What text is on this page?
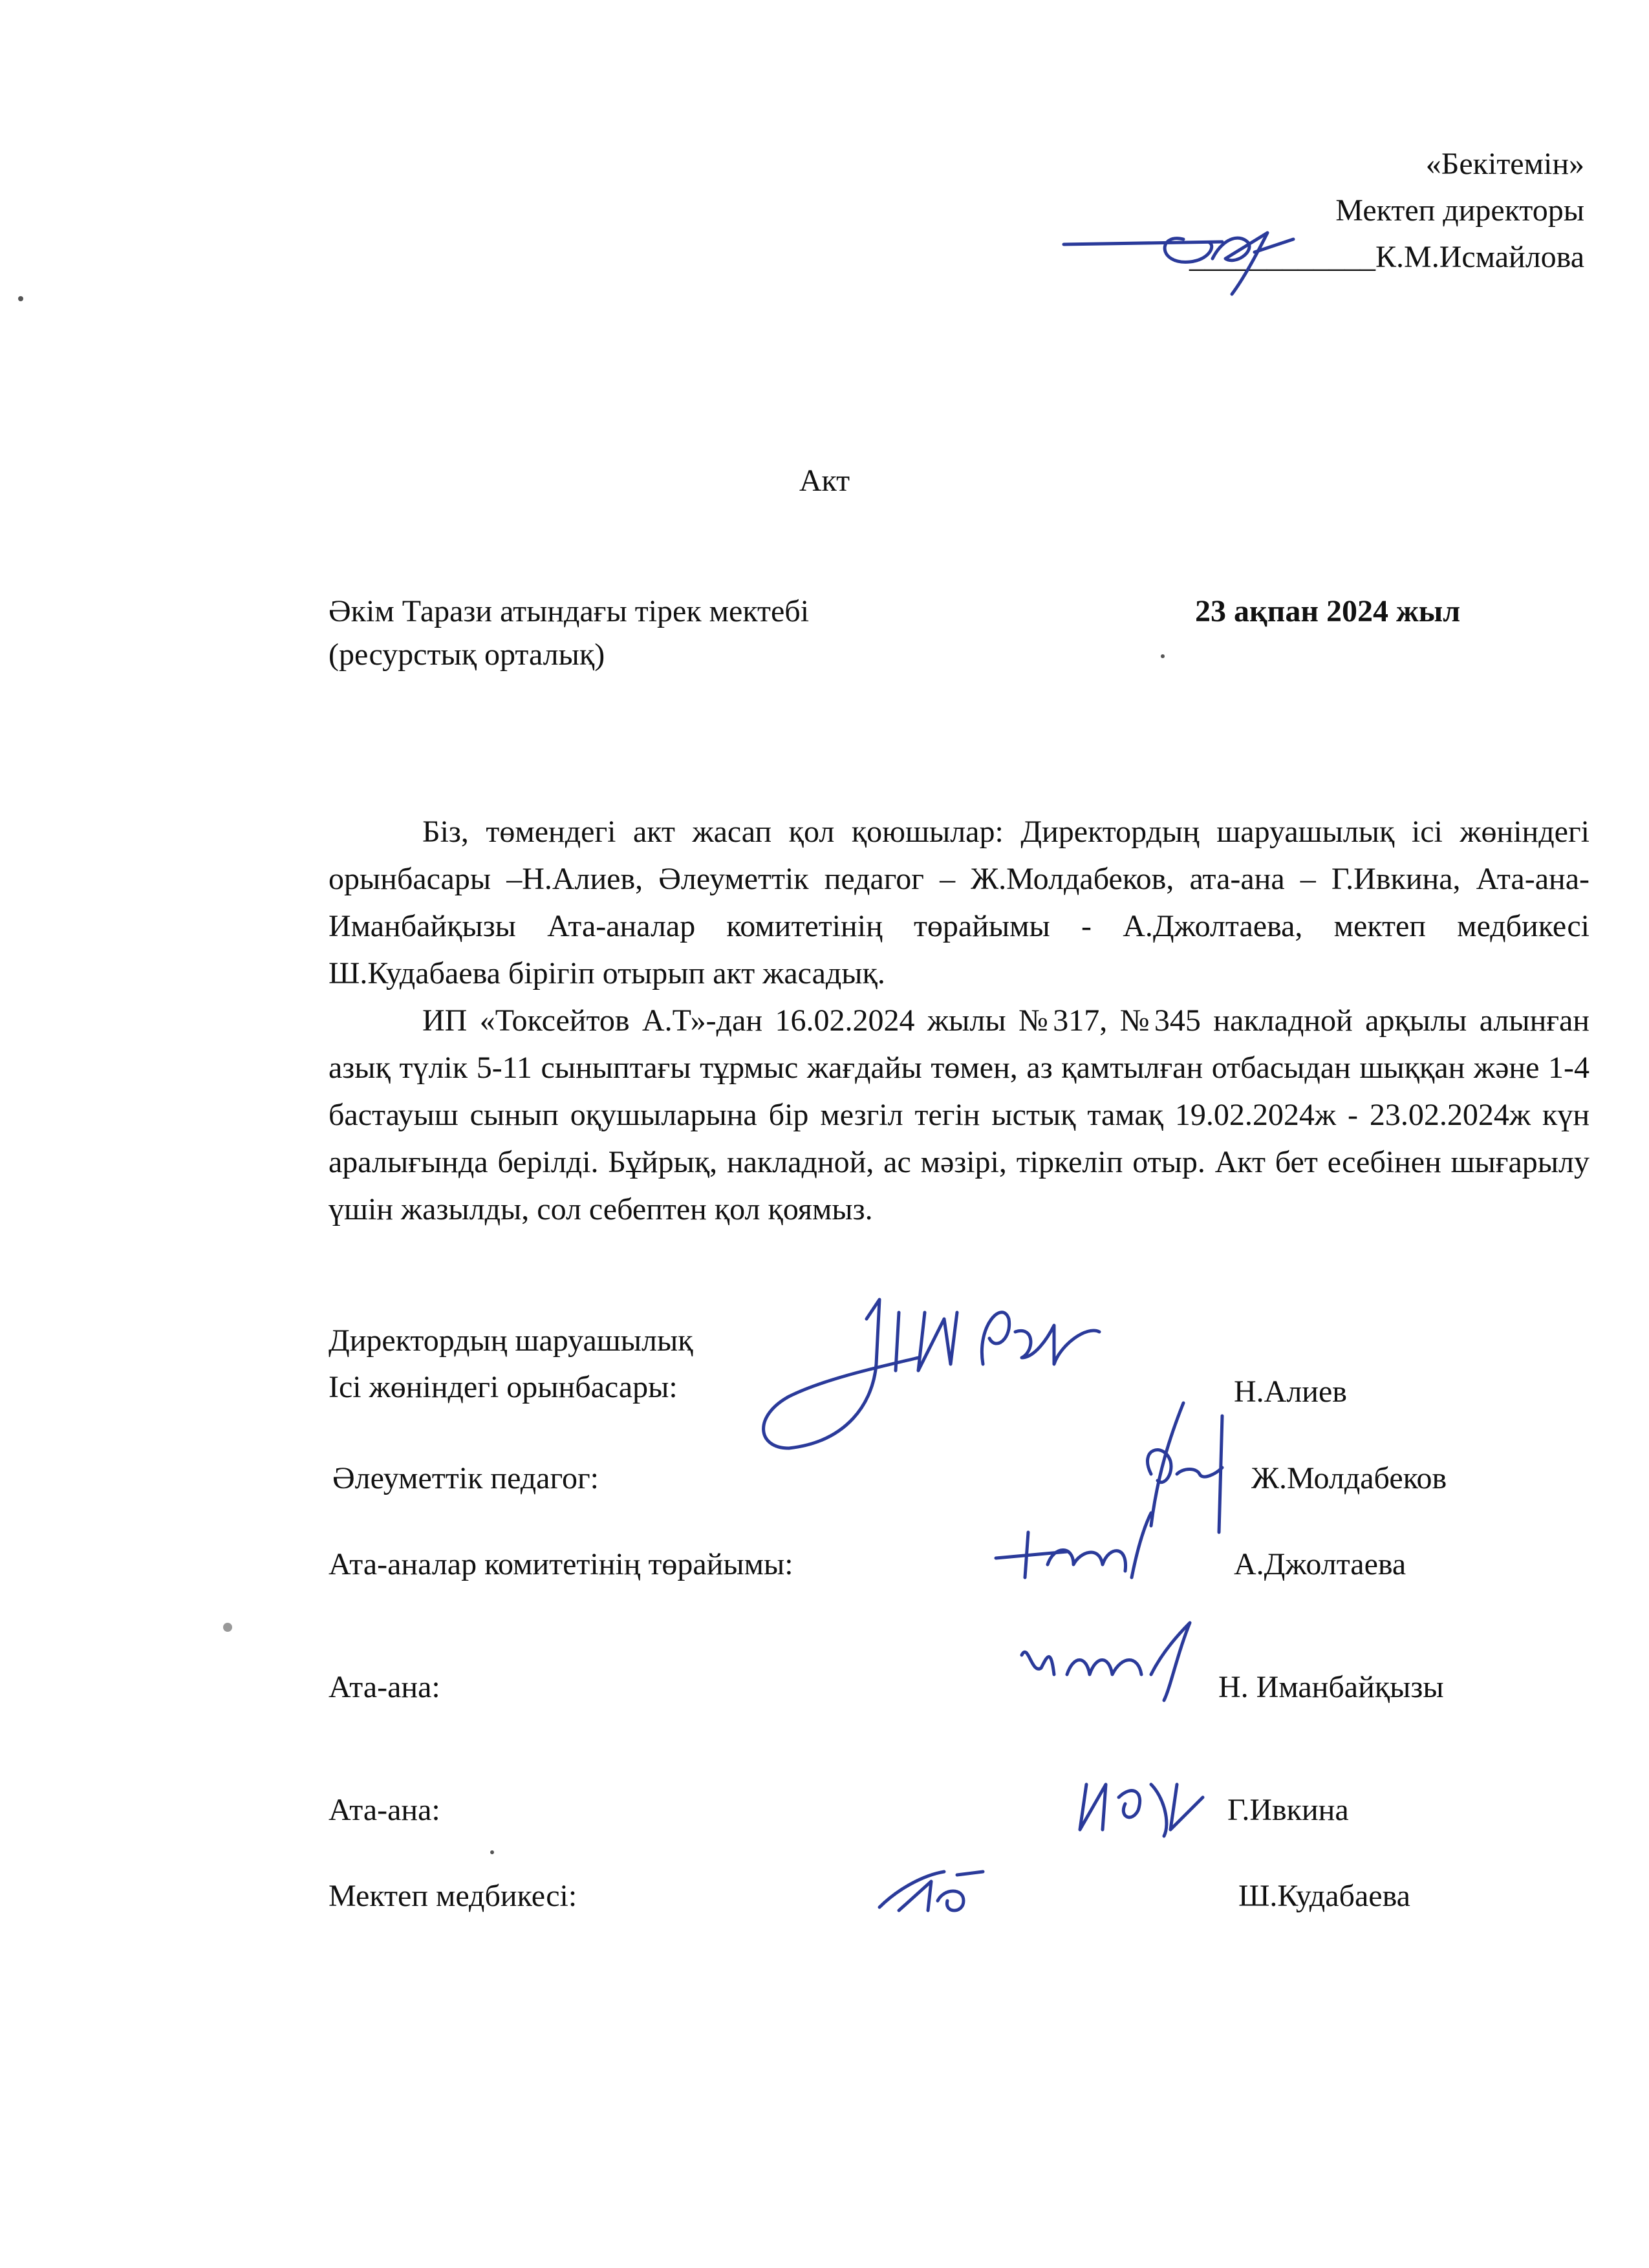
«Бекітемін»
Мектеп директоры
____________К.М.Исмайлова
Акт
Әкім Тарази атындағы тірек мектебі
(ресурстық орталық)
23 ақпан 2024 жыл
Біз, төмендегі акт жасап қол қоюшылар: Директордың шаруашылық ісі жөніндегі орынбасары –Н.Алиев, Әлеуметтік педагог – Ж.Молдабеков, ата-ана – Г.Ивкина, Ата-ана- Иманбайқызы Ата-аналар комитетінің төрайымы - А.Джолтаева, мектеп медбикесі Ш.Кудабаева бірігіп отырып акт жасадық.
ИП «Токсейтов А.Т»-дан 16.02.2024 жылы №317, №345 накладной арқылы алынған азық түлік 5-11 сыныптағы тұрмыс жағдайы төмен, аз қамтылған отбасыдан шыққан және 1-4 бастауыш сынып оқушыларына бір мезгіл тегін ыстық тамақ 19.02.2024ж - 23.02.2024ж күн аралығында берілді. Бұйрық, накладной, ас мәзірі, тіркеліп отыр. Акт бет есебінен шығарылу үшін жазылды, сол себептен қол қоямыз.
Директордың шаруашылық
Ісі жөніндегі орынбасары:	Н.Алиев
Әлеуметтік педагог:	Ж.Молдабеков
Ата-аналар комитетінің төрайымы:	А.Джолтаева
Ата-ана:	Н. Иманбайқызы
Ата-ана:	Г.Ивкина
Мектеп медбикесі:	Ш.Кудабаева
